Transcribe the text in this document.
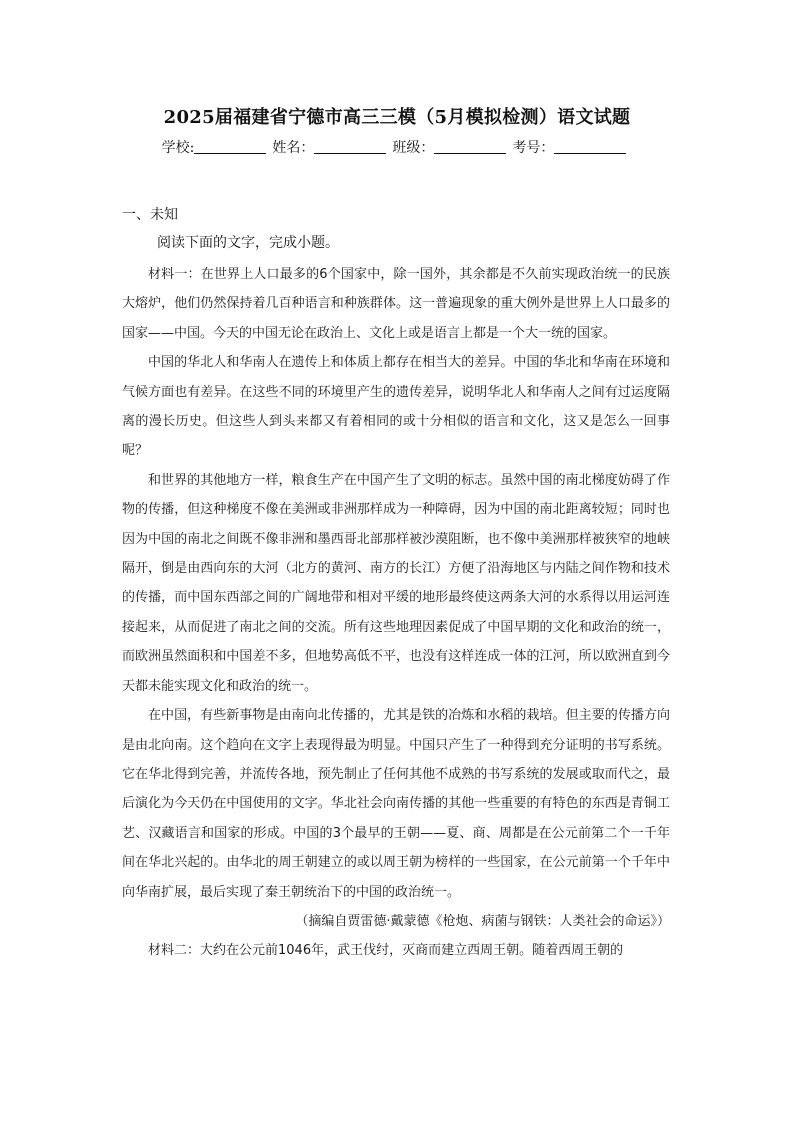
2025届福建省宁德市高三三模（5月模拟检测）语文试题
学校:	姓名：	班级：	考号：
一、未知
阅读下面的文字，完成小题。

材料一：在世界上人口最多的6个国家中，除一国外，其余都是不久前实现政治统一的民族大熔炉，他们仍然保持着几百种语言和种族群体。这一普遍现象的重大例外是世界上人口最多的国家——中国。今天的中国无论在政治上、文化上或是语言上都是一个大一统的国家。

中国的华北人和华南人在遗传上和体质上都存在相当大的差异。中国的华北和华南在环境和气候方面也有差异。在这些不同的环境里产生的遗传差异，说明华北人和华南人之间有过运度隔离的漫长历史。但这些人到头来都又有着相同的或十分相似的语言和文化，这又是怎么一回事呢？

和世界的其他地方一样，粮食生产在中国产生了文明的标志。虽然中国的南北梯度妨碍了作物的传播，但这种梯度不像在美洲或非洲那样成为一种障碍，因为中国的南北距离较短；同时也因为中国的南北之间既不像非洲和墨西哥北部那样被沙漠阻断，也不像中美洲那样被狭窄的地峡隔开，倒是由西向东的大河（北方的黄河、南方的长江）方便了沿海地区与内陆之间作物和技术的传播，而中国东西部之间的广阔地带和相对平缓的地形最终使这两条大河的水系得以用运河连接起来，从而促进了南北之间的交流。所有这些地理因素促成了中国早期的文化和政治的统一，而欧洲虽然面积和中国差不多，但地势高低不平，也没有这样连成一体的江河，所以欧洲直到今天都未能实现文化和政治的统一。

在中国，有些新事物是由南向北传播的，尤其是铁的冶炼和水稻的栽培。但主要的传播方向是由北向南。这个趋向在文字上表现得最为明显。中国只产生了一种得到充分证明的书写系统。它在华北得到完善，并流传各地，预先制止了任何其他不成熟的书写系统的发展或取而代之，最后演化为今天仍在中国使用的文字。华北社会向南传播的其他一些重要的有特色的东西是青铜工艺、汉藏语言和国家的形成。中国的3个最早的王朝——夏、商、周都是在公元前第二个一千年间在华北兴起的。由华北的周王朝建立的或以周王朝为榜样的一些国家，在公元前第一个千年中向华南扩展，最后实现了秦王朝统治下的中国的政治统一。

（摘编自贾雷德·戴蒙德《枪炮、病菌与钢铁：人类社会的命运》）

材料二：大约在公元前1046年，武王伐纣，灭商而建立西周王朝。随着西周王朝的
